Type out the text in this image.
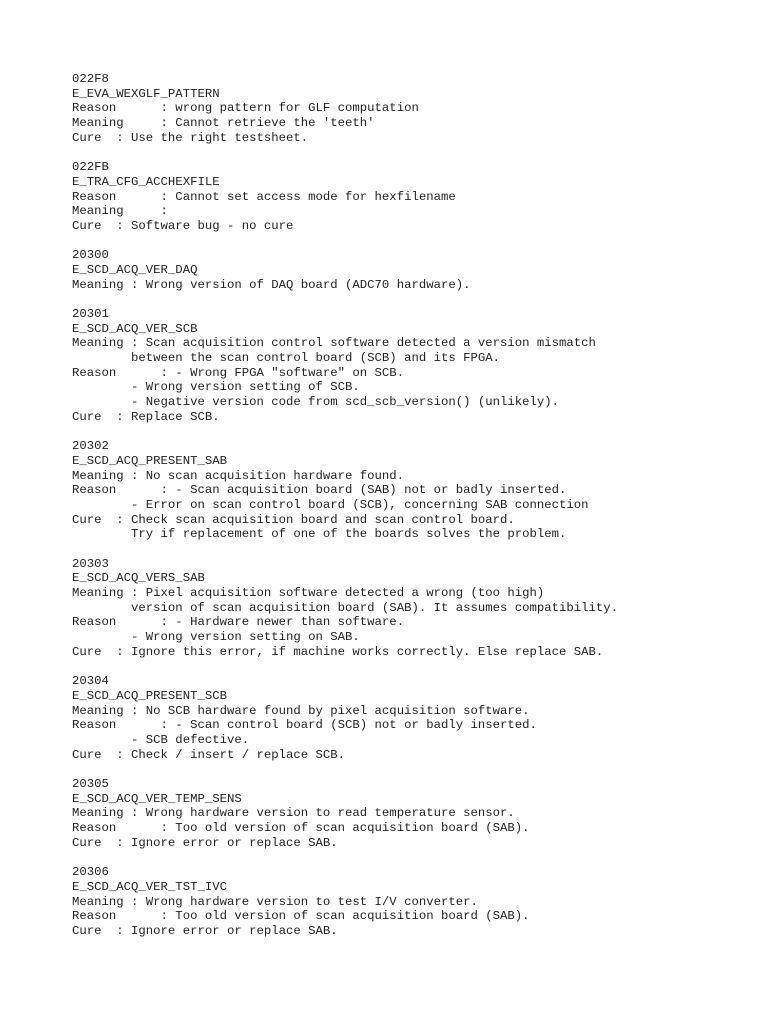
022F8
E_EVA_WEXGLF_PATTERN
Reason      : wrong pattern for GLF computation
Meaning     : Cannot retrieve the 'teeth'
Cure  : Use the right testsheet.
022FB
E_TRA_CFG_ACCHEXFILE
Reason      : Cannot set access mode for hexfilename
Meaning     :
Cure  : Software bug - no cure
20300
E_SCD_ACQ_VER_DAQ
Meaning : Wrong version of DAQ board (ADC70 hardware).
20301
E_SCD_ACQ_VER_SCB
Meaning : Scan acquisition control software detected a version mismatch
between the scan control board (SCB) and its FPGA.
Reason      : - Wrong FPGA "software" on SCB.
- Wrong version setting of SCB.
- Negative version code from scd_scb_version() (unlikely).
Cure  : Replace SCB.
20302
E_SCD_ACQ_PRESENT_SAB
Meaning : No scan acquisition hardware found.
Reason      : - Scan acquisition board (SAB) not or badly inserted.
- Error on scan control board (SCB), concerning SAB connection
Cure  : Check scan acquisition board and scan control board.
Try if replacement of one of the boards solves the problem.
20303
E_SCD_ACQ_VERS_SAB
Meaning : Pixel acquisition software detected a wrong (too high)
version of scan acquisition board (SAB). It assumes compatibility.
Reason      : - Hardware newer than software.
- Wrong version setting on SAB.
Cure  : Ignore this error, if machine works correctly. Else replace SAB.
20304
E_SCD_ACQ_PRESENT_SCB
Meaning : No SCB hardware found by pixel acquisition software.
Reason      : - Scan control board (SCB) not or badly inserted.
- SCB defective.
Cure  : Check / insert / replace SCB.
20305
E_SCD_ACQ_VER_TEMP_SENS
Meaning : Wrong hardware version to read temperature sensor.
Reason      : Too old version of scan acquisition board (SAB).
Cure  : Ignore error or replace SAB.
20306
E_SCD_ACQ_VER_TST_IVC
Meaning : Wrong hardware version to test I/V converter.
Reason      : Too old version of scan acquisition board (SAB).
Cure  : Ignore error or replace SAB.
